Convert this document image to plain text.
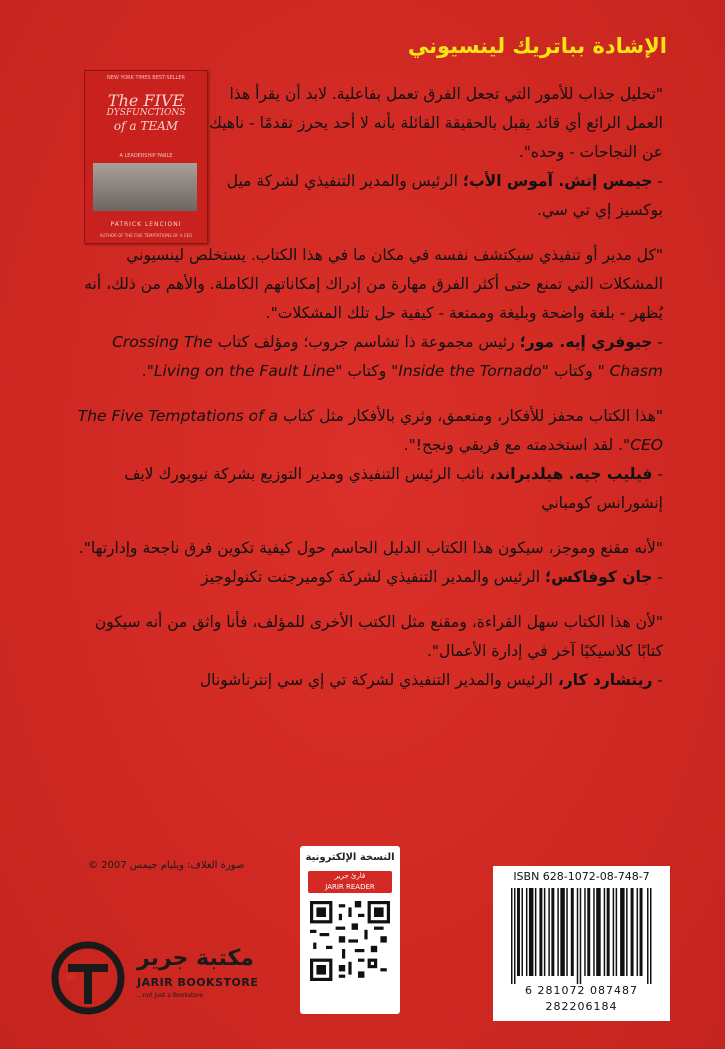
الإشادة بباتريك لينسيوني
NEW YORK TIMES BEST-SELLER
The FIVE
DYSFUNCTIONS
of a TEAM
A LEADERSHIP FABLE
PATRICK LENCIONI
AUTHOR OF THE FIVE TEMPTATIONS OF A CEO

"تحليل جذاب للأمور التي تجعل الفرق تعمل بفاعلية. لابد أن يقرأ هذا العمل الرائع أي قائد يقبل بالحقيقة القائلة بأنه لا أحد يحرز تقدمًا - ناهيك عن النجاحات - وحده".

- جيمس إتش. آموس الأب؛ الرئيس والمدير التنفيذي لشركة ميل بوكسيز إي تي سي.

"كل مدير أو تنفيذي سيكتشف نفسه في مكان ما في هذا الكتاب. يستخلص لينسيوني المشكلات التي تمنع حتى أكثر الفرق مهارة من إدراك إمكاناتهم الكاملة. والأهم من ذلك، أنه يُظهر - بلغة واضحة وبليغة وممتعة - كيفية حل تلك المشكلات".

- جيوفري إيه. مور؛ رئيس مجموعة ذا تشاسم جروب؛ ومؤلف كتاب Crossing The Chasm " وكتاب "Inside the Tornado" وكتاب "Living on the Fault Line".

"هذا الكتاب محفز للأفكار، ومتعمق، وثري بالأفكار مثل كتاب The Five Temptations of a CEO". لقد استخدمته مع فريقي ونجح!".

- فيليب جيه. هيلدبراند، نائب الرئيس التنفيذي ومدير التوزيع بشركة نيويورك لايف إنشورانس كومباني

"لأنه مقنع وموجز، سيكون هذا الكتاب الدليل الحاسم حول كيفية تكوين فرق ناجحة وإدارتها".

- جان كوفاكس؛ الرئيس والمدير التنفيذي لشركة كوميرجنت تكنولوجيز

"لأن هذا الكتاب سهل القراءة، ومقنع مثل الكتب الأخرى للمؤلف، فأنا واثق من أنه سيكون كتابًا كلاسيكيًا آخر في إدارة الأعمال".

- ريتشارد كار، الرئيس والمدير التنفيذي لشركة تي إي سي إنترناشونال

صورة الغلاف: ويليام جيمس 2007 ©
النسخة الإلكترونية
قارئ جرير
JARIR READER
ISBN 628-1072-08-748-7
6 281072 087487
282206184
مكتبة جرير
JARIR BOOKSTORE
...not just a Bookstore
